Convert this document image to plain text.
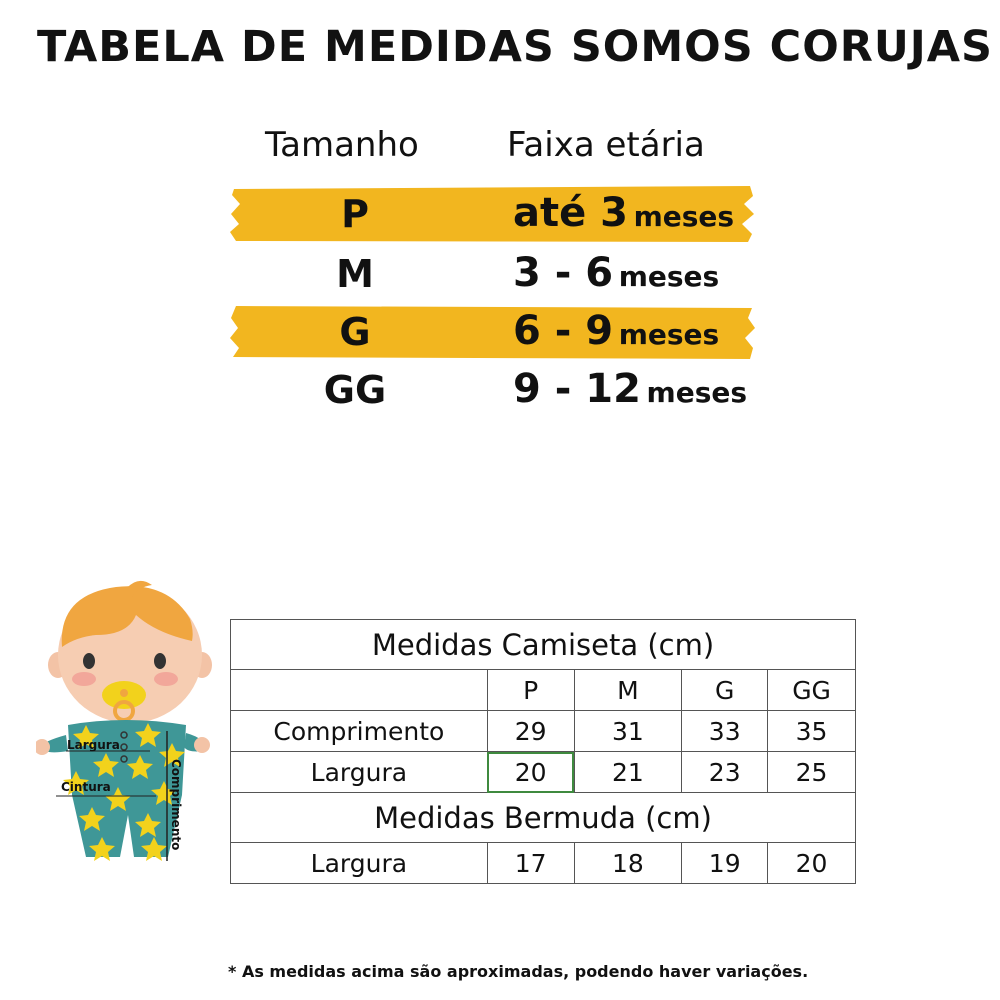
TABELA DE MEDIDAS SOMOS CORUJAS
Tamanho	Faixa etária
P	até 3 meses
M	3 - 6 meses
G	6 - 9 meses
GG	9 - 12 meses
Largura
Cintura	Comprimento
Medidas Camiseta (cm)				
	P	M	G	GG
Comprimento	29	31	33	35
Largura	20	21	23	25
Medidas Bermuda (cm)				
Largura	17	18	19	20
* As medidas acima são aproximadas, podendo haver variações.
